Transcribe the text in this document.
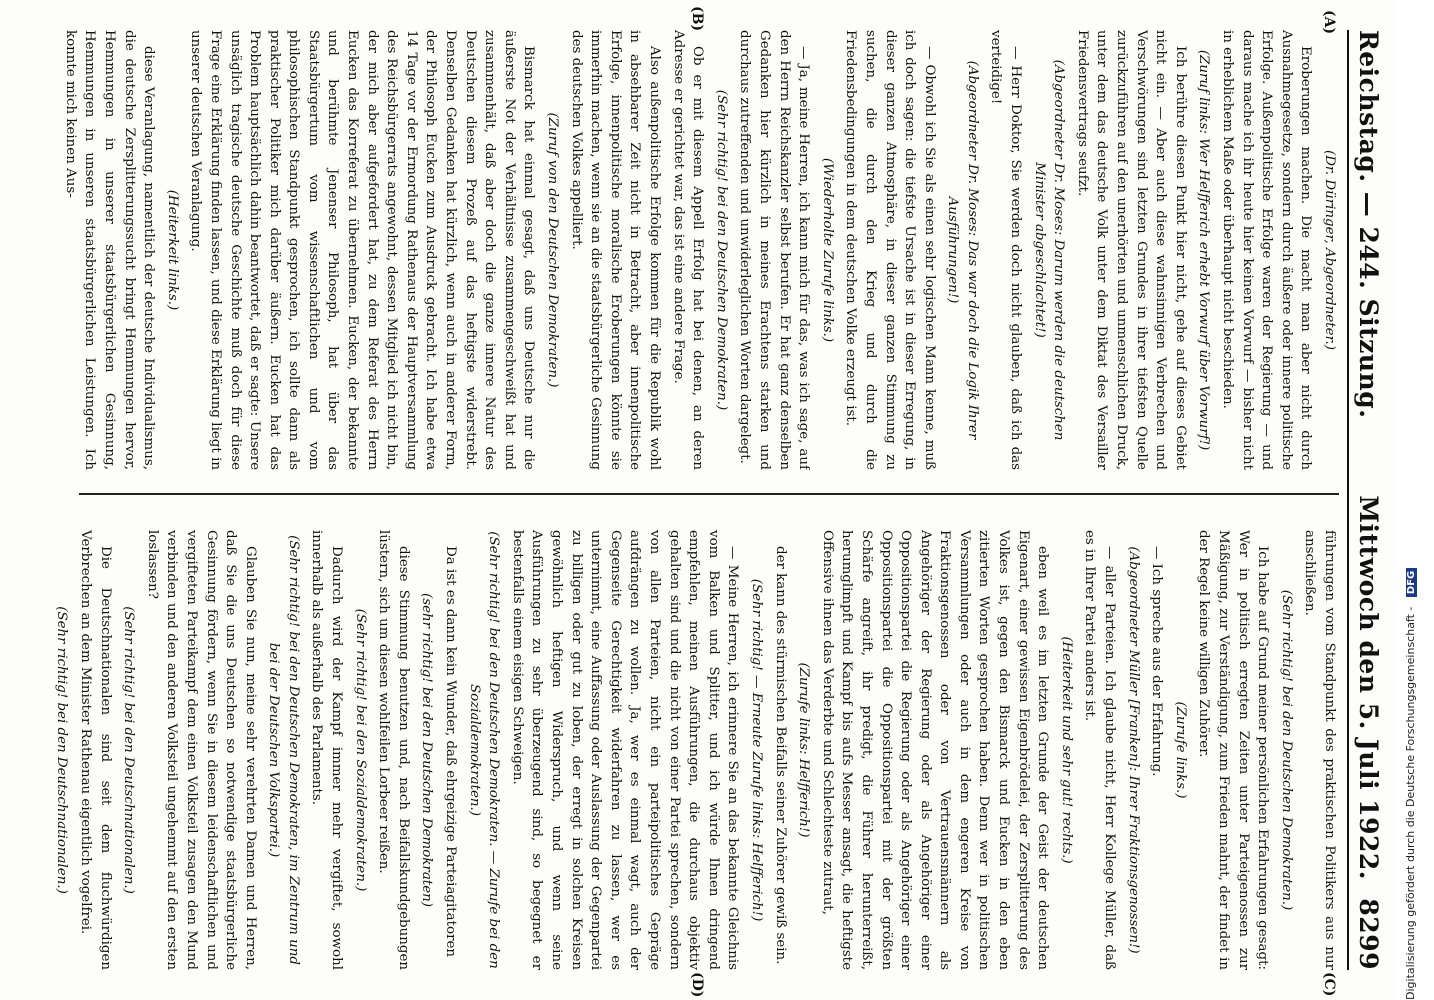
Reichstag. — 244. Sitzung.
Mittwoch den 5. Juli 1922.
8299
(A)
(B)
(C)
(D)

(Dr. Düringer, Abgeordneter.)

Eroberungen machen. Die macht man aber nicht durch Ausnahmegesetze, sondern durch äußere oder innere politische Erfolge. Außenpolitische Erfolge waren der Regierung — und daraus mache ich ihr heute hier keinen Vorwurf — bisher nicht in erheblichem Maße oder überhaupt nicht beschieden.

(Zuruf links: Wer Helfferich erhebt Vorwurf über Vorwurf!)

Ich berühre diesen Punkt hier nicht, gehe auf dieses Gebiet nicht ein. — Aber auch diese wahnsinnigen Verbrechen und Verschwörungen sind letzten Grundes in ihrer tiefsten Quelle zurückzuführen auf den unerhörten und unmenschlichen Druck, unter dem das deutsche Volk unter dem Diktat des Versailler Friedensvertrags seufzt.

(Abgeordneter Dr. Moses: Darum werden die deutschen Minister abgeschlachtet!)

— Herr Doktor, Sie werden doch nicht glauben, daß ich das verteidige!

(Abgeordneter Dr. Moses: Das war doch die Logik Ihrer Ausführungen!)

— Obwohl ich Sie als einen sehr logischen Mann kenne, muß ich doch sagen: die tiefste Ursache ist in dieser Erregung, in dieser ganzen Atmosphäre, in dieser ganzen Stimmung zu suchen, die durch den Krieg und durch die Friedensbedingungen in dem deutschen Volke erzeugt ist.

(Wiederholte Zurufe links.)

— Ja, meine Herren, ich kann mich für das, was ich sage, auf den Herrn Reichskanzler selbst berufen. Er hat ganz denselben Gedanken hier kürzlich in meines Erachtens starken und durchaus zutreffenden und unwiderleglichen Worten dargelegt.

(Sehr richtig! bei den Deutschen Demokraten.)

Ob er mit diesem Appell Erfolg hat bei denen, an deren Adresse er gerichtet war, das ist eine andere Frage.

Also außenpolitische Erfolge kommen für die Republik wohl in absehbarer Zeit nicht in Betracht, aber innenpolitische Erfolge, innenpolitische moralische Eroberungen könnte sie immerhin machen, wenn sie an die staatsbürgerliche Gesinnung des deutschen Volkes appelliert.

(Zuruf von den Deutschen Demokraten.)

Bismarck hat einmal gesagt, daß uns Deutsche nur die äußerste Not der Verhältnisse zusammengeschweißt hat und zusammenhält, daß aber doch die ganze innere Natur des Deutschen diesem Prozeß auf das heftigste widerstrebt. Denselben Gedanken hat kürzlich, wenn auch in anderer Form, der Philosoph Eucken zum Ausdruck gebracht. Ich habe etwa 14 Tage vor der Ermordung Rathenaus der Hauptversammlung des Reichsbürgerrats angewohnt, dessen Mitglied ich nicht bin, der mich aber aufgefordert hat, zu dem Referat des Herrn Eucken das Korreferat zu übernehmen. Eucken, der bekannte und berühmte Jenenser Philosoph, hat über das Staatsbürgertum vom wissenschaftlichen und vom philosophischen Standpunkt gesprochen, ich sollte dann als praktischer Politiker mich darüber äußern. Eucken hat das Problem hauptsächlich dahin beantwortet, daß er sagte: Unsere unsäglich tragische deutsche Geschichte muß doch für diese Frage eine Erklärung finden lassen, und diese Erklärung liegt in unserer deutschen Veranlagung.

(Heiterkeit links.)

diese Veranlagung, namentlich der deutsche Individualismus, die deutsche Zersplitterungssucht bringt Hemmungen hervor, Hemmungen in unserer staatsbürgerlichen Gesinnung, Hemmungen in unseren staatsbürgerlichen Leistungen. Ich konnte mich keinen Aus-

führungen vom Standpunkt des praktischen Politikers aus nur anschließen.

(Sehr richtig! bei den Deutschen Demokraten.)

Ich habe auf Grund meiner persönlichen Erfahrungen gesagt: Wer in politisch erregten Zeiten unter Parteigenossen zur Mäßigung, zur Verständigung, zum Frieden mahnt, der findet in der Regel keine willigen Zuhörer.

(Zurufe links.)

— Ich spreche aus der Erfahrung.

(Abgeordneter Müller [Franken]: Ihrer Fraktionsgenossen!)

— aller Parteien. Ich glaube nicht, Herr Kollege Müller, daß es in Ihrer Partei anders ist.

(Heiterkeit und sehr gut! rechts.)

eben weil es im letzten Grunde der Geist der deutschen Eigenart, einer gewissen Eigenbrödelei, der Zersplitterung des Volkes ist, gegen den Bismarck und Eucken in den eben zitierten Worten gesprochen haben. Denn wer in politischen Versammlungen oder auch in dem engeren Kreise von Fraktionsgenossen oder von Vertrauensmännern als Angehöriger der Regierung oder als Angehöriger einer Oppositionspartei die Regierung oder als Angehöriger einer Oppositionspartei die Oppositionspartei mit der größten Schärfe angreift, ihr predigt, die Führer herunterreißt, herumglimpft und Kampf bis aufs Messer ansagt, die heftigste Offensive ihnen das Verderbte und Schlechteste zutraut,

(Zurufe links: Helfferich!)

der kann des stürmischen Beifalls seiner Zuhörer gewiß sein.

(Sehr richtig! — Erneute Zurufe links: Helfferich!)

— Meine Herren, ich erinnere Sie an das bekannte Gleichnis vom Balken und Splitter, und ich würde Ihnen dringend empfehlen, meinen Ausführungen, die durchaus objektiv gehalten sind und die nicht von einer Partei sprechen, sondern von allen Parteien, nicht ein parteipolitisches Gepräge aufdrängen zu wollen. Ja, wer es einmal wagt, auch der Gegenseite Gerechtigkeit widerfahren zu lassen, wer es unternimmt, eine Auffassung oder Auslassung der Gegenpartei zu billigen oder gut zu loben, der erregt in solchen Kreisen gewöhnlich heftigen Widerspruch, und wenn seine Ausführungen zu sehr überzeugend sind, so begegnet er bestenfalls einem eisigen Schweigen.

(Sehr richtig! bei den Deutschen Demokraten. — Zurufe bei den Sozialdemokraten.)

Da ist es dann kein Wunder, daß ehrgeizige Parteiagitatoren

(sehr richtig! bei den Deutschen Demokraten)

diese Stimmung benutzen und, nach Beifallskundgebungen lüstern, sich um diesen wohlfeilen Lorbeer reißen.

(Sehr richtig! bei den Sozialdemokraten.)

Dadurch wird der Kampf immer mehr vergiftet, sowohl innerhalb als außerhalb des Parlaments.

(Sehr richtig! bei den Deutschen Demokraten, im Zentrum und bei der Deutschen Volkspartei.)

Glauben Sie nun, meine sehr verehrten Damen und Herren, daß Sie die uns Deutschen so notwendige staatsbürgerliche Gesinnung fördern, wenn Sie in diesem leidenschaftlichen und vergifteten Parteikampf dem einen Volksteil zusagen den Mund verbinden und den anderen Volksteil ungehemmt auf den ersten loslassen?

(Sehr richtig! bei den Deutschnationalen.)

Die Deutschnationalen sind seit dem fluchwürdigen Verbrechen an dem Minister Rathenau eigentlich vogelfrei.

(Sehr richtig! bei den Deutschnationalen.)	Digitalisierung gefördert durch die Deutsche Forschungsgemeinschaft - DFG
